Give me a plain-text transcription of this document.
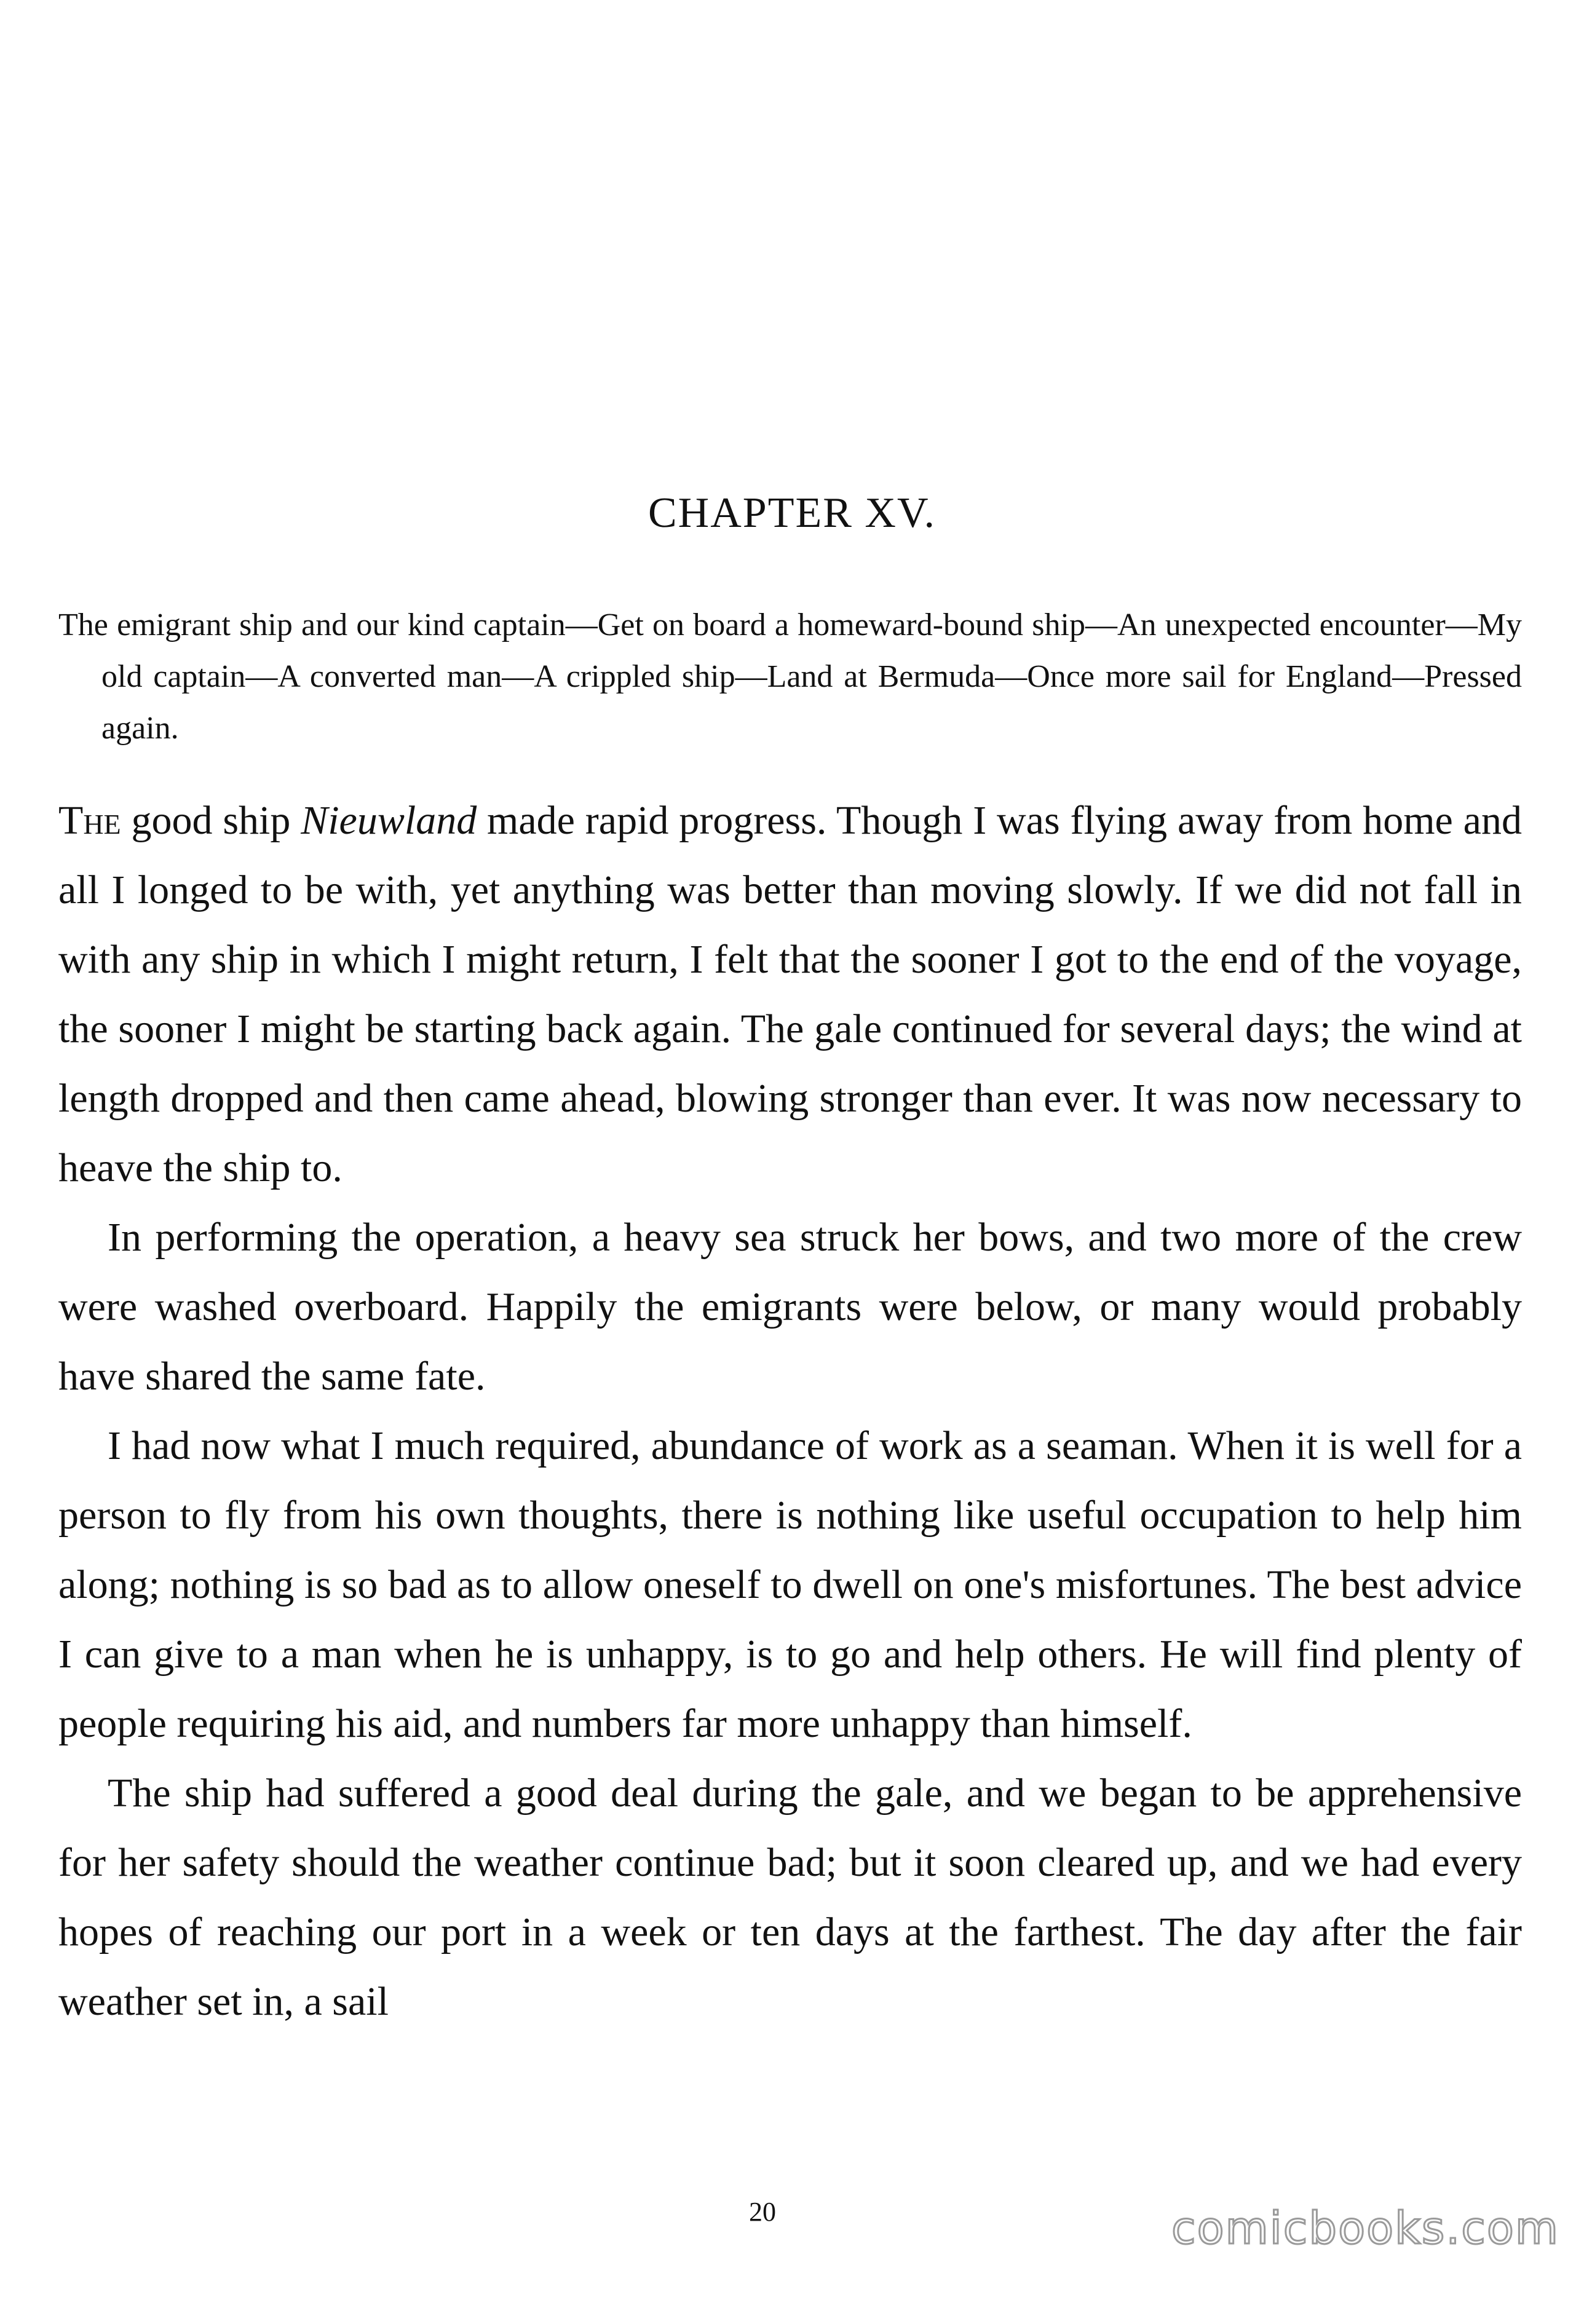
CHAPTER XV.
The emigrant ship and our kind captain—Get on board a homeward-bound ship—An unexpected encounter—My old captain—A converted man—A crippled ship—Land at Bermuda—Once more sail for England—Pressed again.

The good ship Nieuwland made rapid progress. Though I was flying away from home and all I longed to be with, yet anything was better than moving slowly. If we did not fall in with any ship in which I might return, I felt that the sooner I got to the end of the voyage, the sooner I might be starting back again. The gale continued for several days; the wind at length dropped and then came ahead, blowing stronger than ever. It was now necessary to heave the ship to.

In performing the operation, a heavy sea struck her bows, and two more of the crew were washed overboard. Happily the emigrants were below, or many would probably have shared the same fate.

I had now what I much required, abundance of work as a seaman. When it is well for a person to fly from his own thoughts, there is nothing like useful occupation to help him along; nothing is so bad as to allow oneself to dwell on one's misfortunes. The best advice I can give to a man when he is unhappy, is to go and help others. He will find plenty of people requiring his aid, and numbers far more unhappy than himself.

The ship had suffered a good deal during the gale, and we began to be apprehensive for her safety should the weather continue bad; but it soon cleared up, and we had every hopes of reaching our port in a week or ten days at the farthest. The day after the fair weather set in, a sail

20	comicbooks.com
